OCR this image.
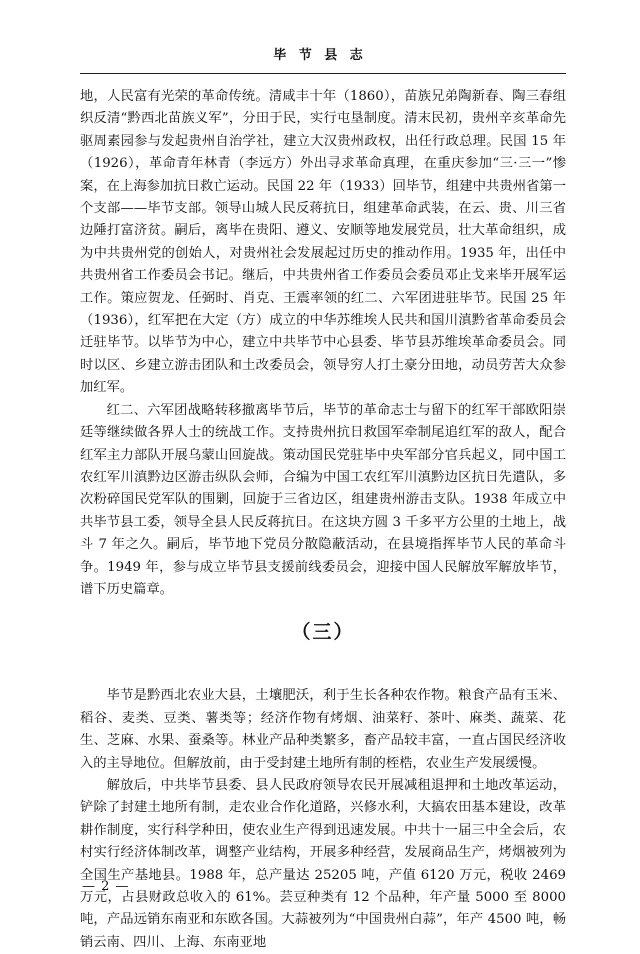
毕 节 县 志

地，人民富有光荣的革命传统。清咸丰十年（1860），苗族兄弟陶新春、陶三春组织反清“黔西北苗族义军”，分田于民，实行屯垦制度。清末民初，贵州辛亥革命先驱周素园参与发起贵州自治学社，建立大汉贵州政权，出任行政总理。民国 15 年（1926），革命青年林青（李远方）外出寻求革命真理，在重庆参加“三·三一”惨案，在上海参加抗日救亡运动。民国 22 年（1933）回毕节，组建中共贵州省第一个支部——毕节支部。领导山城人民反蒋抗日，组建革命武装，在云、贵、川三省边陲打富济贫。嗣后，离毕在贵阳、遵义、安顺等地发展党员，壮大革命组织，成为中共贵州党的创始人，对贵州社会发展起过历史的推动作用。1935 年，出任中共贵州省工作委员会书记。继后，中共贵州省工作委员会委员邓止戈来毕开展军运工作。策应贺龙、任弼时、肖克、王震率领的红二、六军团进驻毕节。民国 25 年（1936），红军把在大定（方）成立的中华苏维埃人民共和国川滇黔省革命委员会迁驻毕节。以毕节为中心，建立中共毕节中心县委、毕节县苏维埃革命委员会。同时以区、乡建立游击团队和土改委员会，领导穷人打土豪分田地，动员劳苦大众参加红军。

红二、六军团战略转移撤离毕节后，毕节的革命志士与留下的红军干部欧阳崇廷等继续做各界人士的统战工作。支持贵州抗日救国军牵制尾追红军的敌人，配合红军主力部队开展乌蒙山回旋战。策动国民党驻毕中央军部分官兵起义，同中国工农红军川滇黔边区游击纵队会师，合编为中国工农红军川滇黔边区抗日先遣队，多次粉碎国民党军队的围剿，回旋于三省边区，组建贵州游击支队。1938 年成立中共毕节县工委，领导全县人民反蒋抗日。在这块方圆 3 千多平方公里的土地上，战斗 7 年之久。嗣后，毕节地下党员分散隐蔽活动，在县境指挥毕节人民的革命斗争。1949 年，参与成立毕节县支援前线委员会，迎接中国人民解放军解放毕节，谱下历史篇章。

（三）

毕节是黔西北农业大县，土壤肥沃，利于生长各种农作物。粮食产品有玉米、稻谷、麦类、豆类、薯类等；经济作物有烤烟、油菜籽、茶叶、麻类、蔬菜、花生、芝麻、水果、蚕桑等。林业产品种类繁多，畜产品较丰富，一直占国民经济收入的主导地位。但解放前，由于受封建土地所有制的桎梏，农业生产发展缓慢。

解放后，中共毕节县委、县人民政府领导农民开展减租退押和土地改革运动，铲除了封建土地所有制，走农业合作化道路，兴修水利，大搞农田基本建设，改革耕作制度，实行科学种田，使农业生产得到迅速发展。中共十一届三中全会后，农村实行经济体制改革，调整产业结构，开展多种经营，发展商品生产，烤烟被列为全国生产基地县。1988 年，总产量达 25205 吨，产值 6120 万元，税收 2469 万元，占县财政总收入的 61%。芸豆种类有 12 个品种，年产量 5000 至 8000 吨，产品远销东南亚和东欧各国。大蒜被列为“中国贵州白蒜”，年产 4500 吨，畅销云南、四川、上海、东南亚地

— 2 —
